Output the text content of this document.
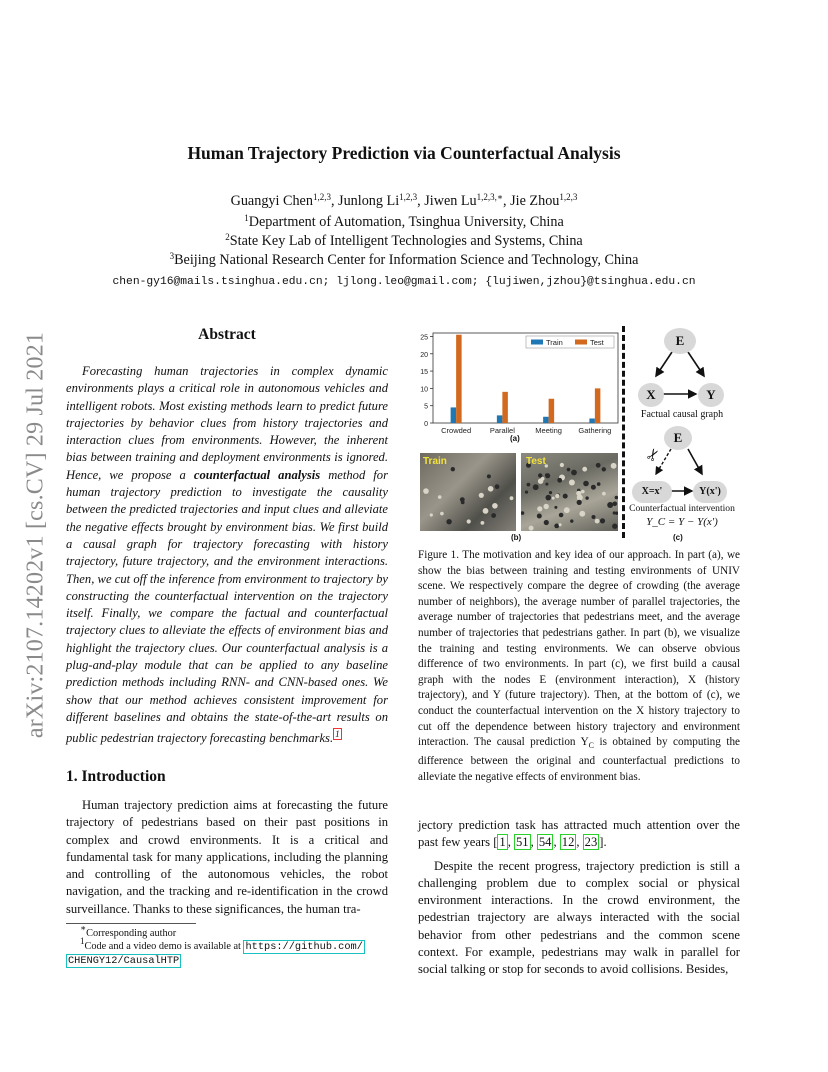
arXiv:2107.14202v1 [cs.CV] 29 Jul 2021
Human Trajectory Prediction via Counterfactual Analysis
Guangyi Chen$^{1,2,3}$, Junlong Li$^{1,2,3}$, Jiwen $Lu^{1,2,3,∗}$, Jie Zhou$^{1,2,3}$
$^1$Department of Automation, Tsinghua University, China
$^2$State Key Lab of Intelligent Technologies and Systems, China
$^3$Beijing National Research Center for Information Science and Technology, China
chen-gy16@mails.tsinghua.edu.cn; ljlong.leo@gmail.com; {lujiwen,jzhou}@tsinghua.edu.cn
Abstract

Forecasting human trajectories in complex dynamic environments plays a critical role in autonomous vehicles and intelligent robots. Most existing methods learn to predict future trajectories by behavior clues from history trajectories and interaction clues from environments. However, the inherent bias between training and deployment environments is ignored. Hence, we propose a counterfactual analysis method for human trajectory prediction to investigate the causality between the predicted trajectories and input clues and alleviate the negative effects brought by environment bias. We first build a causal graph for trajectory forecasting with history trajectory, future trajectory, and the environment interactions. Then, we cut off the inference from environment to trajectory by constructing the counterfactual intervention on the trajectory itself. Finally, we compare the factual and counterfactual trajectory clues to alleviate the effects of environment bias and highlight the trajectory clues. Our counterfactual analysis is a plug-and-play module that can be applied to any baseline prediction methods including RNN- and CNN-based ones. We show that our method achieves consistent improvement for different baselines and obtains the state-of-the-art results on public pedestrian trajectory forecasting benchmarks. $^1$

1. Introduction

Human trajectory prediction aims at forecasting the future trajectory of pedestrians based on their past positions in complex and crowd environments. It is a critical and fundamental task for many applications, including the planning and controlling of the autonomous vehicles, the robot navigation, and the tracking and re-identification in the crowd surveillance. Thanks to these significances, the human tra-

∗Corresponding author

$^1$Code and a video demo is available at https://github.com/

CHENGY12/CausalHTP

jectory prediction task has attracted much attention over the past few years [ 1 , 51 , 54 , 12 , 23 ].

Despite the recent progress, trajectory prediction is still a challenging problem due to complex social or physical environment interactions. In the crowd environment, the pedestrian trajectory are always interacted with the social behavior from other pedestrians and the common scene context. For example, pedestrians may walk in parallel for social talking or stop for seconds to avoid collisions. Besides,

Figure 1. The motivation and key idea of our approach. In part (a), we show the bias between training and testing environments of UNIV scene. We respectively compare the degree of crowding (the average number of neighbors), the average number of parallel trajectories, the average number of trajectories that pedestrians meet, and the average number of trajectories that pedestrians gather. In part (b), we visualize the training and testing environments. We can observe obvious difference of two environments. In part (c), we first build a causal graph with the nodes E (environment interaction), X (history trajectory), and Y (future trajectory). Then, at the bottom of (c), we conduct the counterfactual intervention on the X history trajectory to cut off the dependence between history trajectory and environment interaction. The causal prediction $Y_C$ is obtained by computing the difference between the original and counterfactual predictions to alleviate the negative effects of environment bias.

0
5
10
15
20
25
Crowded Parallel	Meeting Gathering
Train	Test
(a)
Train	Test
(b)
E
X	Y
Factual causal graph
E
✂
X=x'	Y(x')
Counterfactual intervention
Y_C = Y − Y(x')
(c)
